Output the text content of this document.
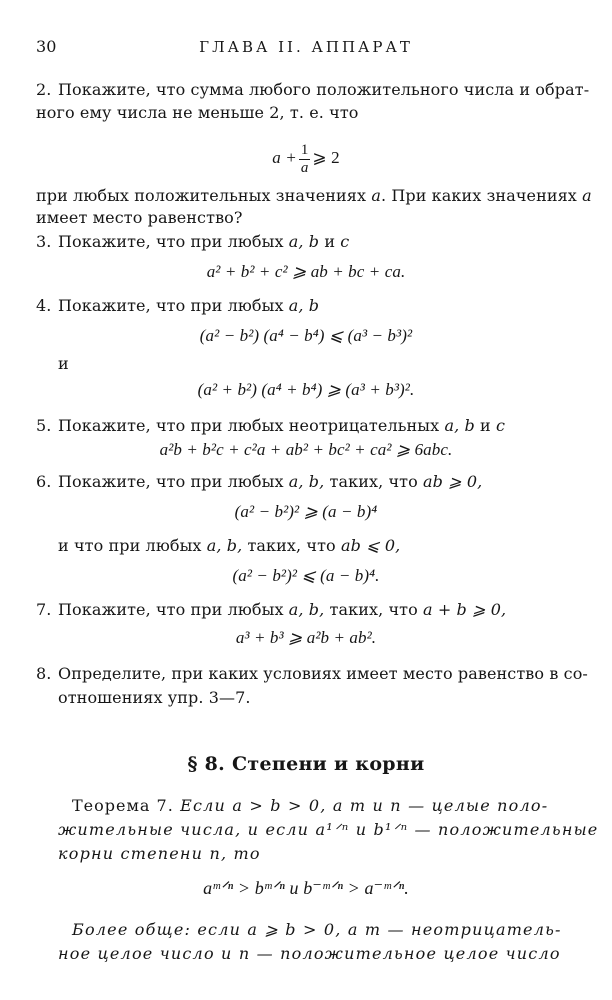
30	ГЛАВА II. АППАРАТ
2. Покажите, что сумма любого положительного числа и обрат-
ного ему числа не меньше 2, т. е. что
$a + \frac{1}{a}$ ⩾ 2
при любых положительных значениях a. При каких значениях a
имеет место равенство?
3. Покажите, что при любых a, b и c
a² + b² + c² ⩾ ab + bc + ca.
4. Покажите, что при любых a, b
(a² − b²) (a⁴ − b⁴) ⩽ (a³ − b³)²
и
(a² + b²) (a⁴ + b⁴) ⩾ (a³ + b³)².
5. Покажите, что при любых неотрицательных a, b и c
a²b + b²c + c²a + ab² + bc² + ca² ⩾ 6abc.
6. Покажите, что при любых a, b, таких, что ab ⩾ 0,
(a² − b²)² ⩾ (a − b)⁴
и что при любых a, b, таких, что ab ⩽ 0,
(a² − b²)² ⩽ (a − b)⁴.
7. Покажите, что при любых a, b, таких, что a + b ⩾ 0,
a³ + b³ ⩾ a²b + ab².
8. Определите, при каких условиях имеет место равенство в со-
отношениях упр. 3—7.
§ 8. Степени и корни
Теорема 7. Если a > b > 0, a m и n — целые поло-
жительные числа, и если a¹ᐟⁿ и b¹ᐟⁿ — положительные
корни степени n, то
aᵐᐟⁿ > bᵐᐟⁿ и b⁻ᵐᐟⁿ > a⁻ᵐᐟⁿ.
Более обще: если a ⩾ b > 0, a m — неотрицатель-
ное целое число и n — положительное целое число
